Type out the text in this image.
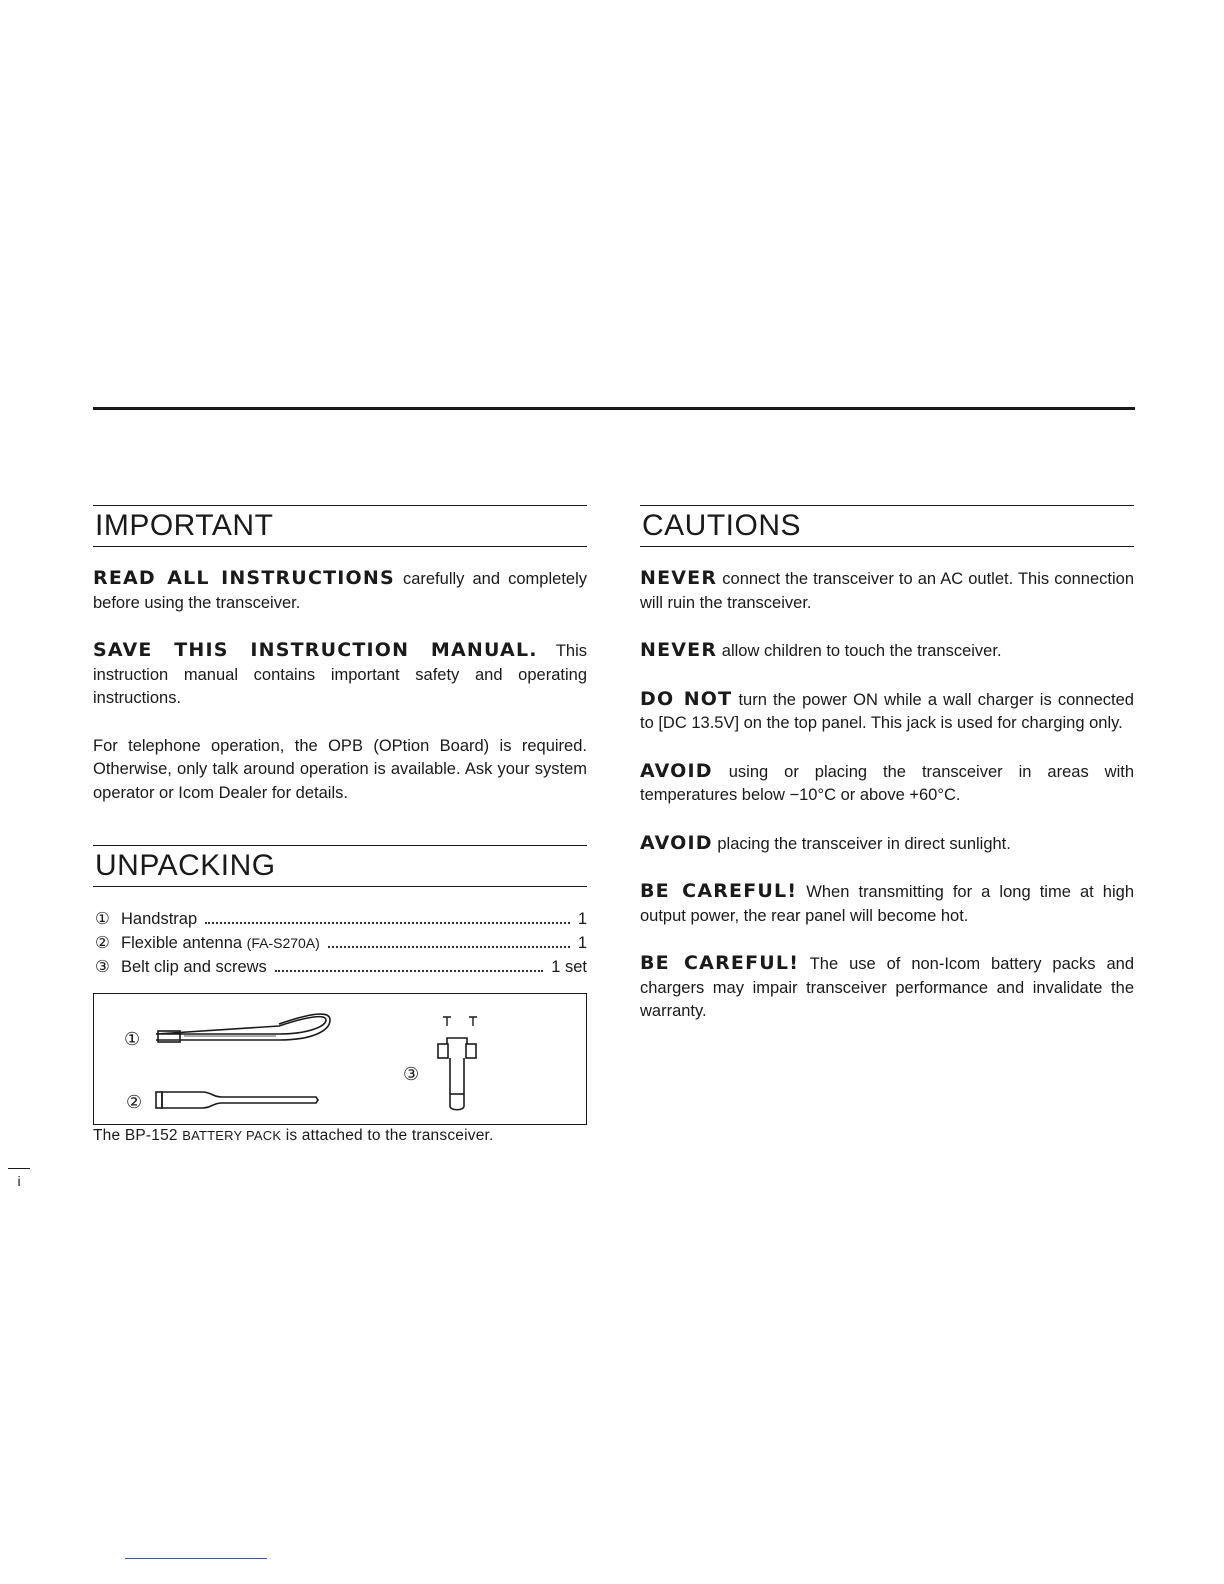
IMPORTANT

READ ALL INSTRUCTIONS carefully and completely before using the transceiver.

SAVE THIS INSTRUCTION MANUAL. This instruction manual contains important safety and operating instructions.

For telephone operation, the OPB (OPtion Board) is required. Otherwise, only talk around operation is available. Ask your system operator or Icom Dealer for details.

UNPACKING
① Handstrap	1
② Flexible antenna (FA-S270A)	1
③ Belt clip and screws	1 set
①
②
③
The BP-152 BATTERY PACK is attached to the transceiver.
CAUTIONS

NEVER connect the transceiver to an AC outlet. This connection will ruin the transceiver.

NEVER allow children to touch the transceiver.

DO NOT turn the power ON while a wall charger is connected to [DC 13.5V] on the top panel. This jack is used for charging only.

AVOID using or placing the transceiver in areas with temperatures below −10°C or above +60°C.

AVOID placing the transceiver in direct sunlight.

BE CAREFUL! When transmitting for a long time at high output power, the rear panel will become hot.

BE CAREFUL! The use of non-Icom battery packs and chargers may impair transceiver performance and invalidate the warranty.

i
